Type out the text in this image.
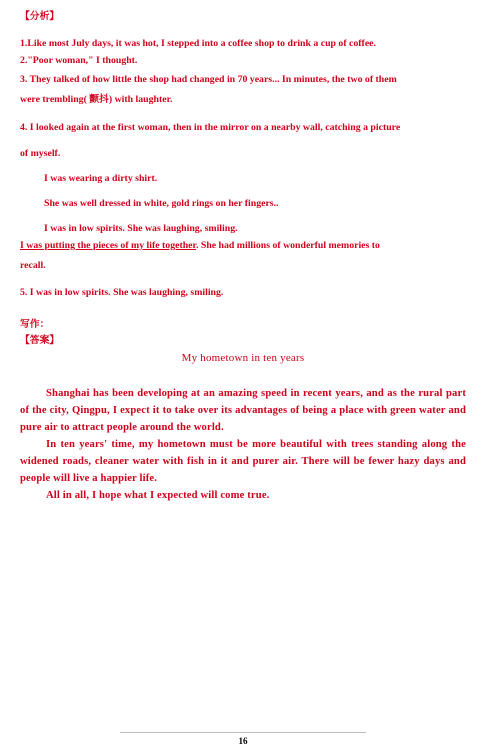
【分析】
1.Like most July days, it was hot, I stepped into a coffee shop to drink a cup of coffee.
2."Poor woman," I thought.
3. They talked of how little the shop had changed in 70 years... In minutes, the two of them
were trembling( 颤抖) with laughter.
4. I looked again at the first woman, then in the mirror on a nearby wall, catching a picture
of myself.
I was wearing a dirty shirt.
She was well dressed in white, gold rings on her fingers..
I was in low spirits. She was laughing, smiling.
I was putting the pieces of my life together. She had millions of wonderful memories to
recall.
5. I was in low spirits. She was laughing, smiling.
写作：
【答案】
My hometown in ten years

Shanghai has been developing at an amazing speed in recent years, and as the rural part of the city, Qingpu, I expect it to take over its advantages of being a place with green water and pure air to attract people around the world.

In ten years' time, my hometown must be more beautiful with trees standing along the widened roads, cleaner water with fish in it and purer air. There will be fewer hazy days and people will live a happier life.

All in all, I hope what I expected will come true.

16
